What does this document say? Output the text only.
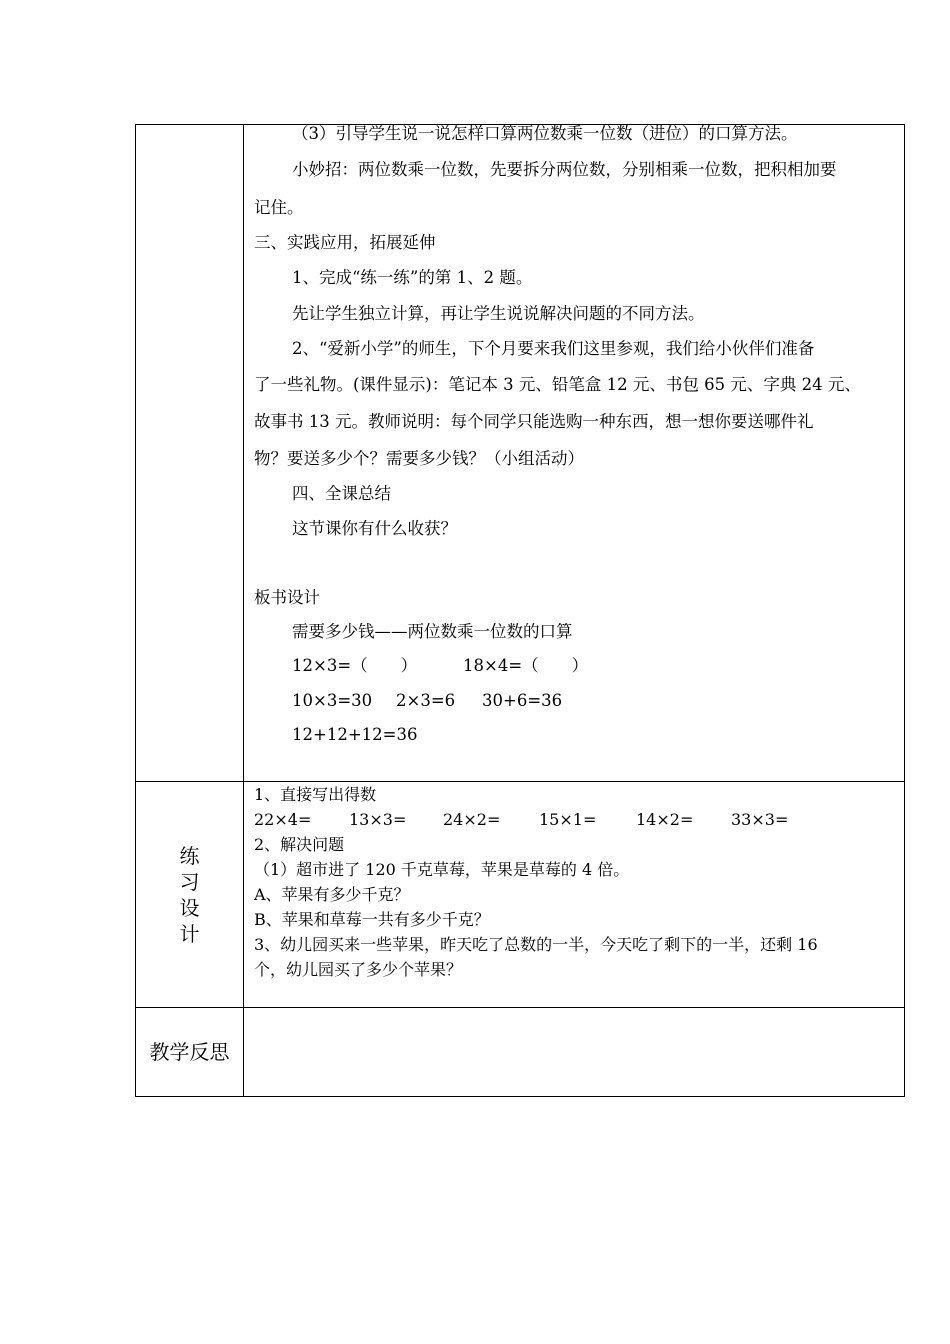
（3）引导学生说一说怎样口算两位数乘一位数（进位）的口算方法。
小妙招：两位数乘一位数，先要拆分两位数，分别相乘一位数，把积相加要
记住。
三、实践应用，拓展延伸
1、完成“练一练”的第 1、2 题。
先让学生独立计算，再让学生说说解决问题的不同方法。
2、“爱新小学”的师生，下个月要来我们这里参观，我们给小伙伴们准备
了一些礼物。(课件显示)：笔记本 3 元、铅笔盒 12 元、书包 65 元、字典 24 元、
故事书 13 元。教师说明：每个同学只能选购一种东西，想一想你要送哪件礼
物？要送多少个？需要多少钱？（小组活动）
四、全课总结
这节课你有什么收获？
板书设计
需要多少钱——两位数乘一位数的口算
12×3=（　　）	18×4=（　　）
10×3=30 2×3=6 30+6=36
12+12+12=36
练
习
设
计
1、直接写出得数
22×4= 13×3= 24×2= 15×1= 14×2= 33×3=
2、解决问题
（1）超市进了 120 千克草莓，苹果是草莓的 4 倍。
A、苹果有多少千克？
B、苹果和草莓一共有多少千克？
3、幼儿园买来一些苹果，昨天吃了总数的一半，今天吃了剩下的一半，还剩 16
个，幼儿园买了多少个苹果？
教学反思
